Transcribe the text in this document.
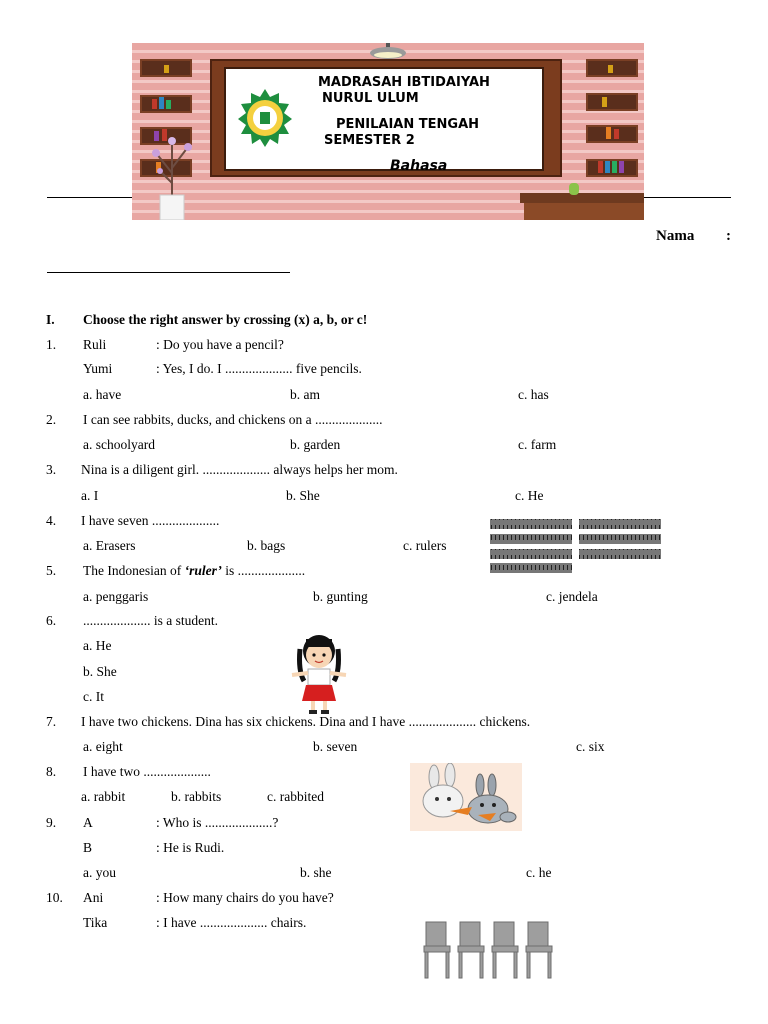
MADRASAH IBTIDAIYAH
NURUL ULUM
PENILAIAN TENGAH
SEMESTER 2
Bahasa
Nama :
I. Choose the right answer by crossing (x) a, b, or c!
1. Ruli	: Do you have a pencil?
Yumi	: Yes, I do. I .................... five pencils.
a. have	b. am	c. has
2. I can see rabbits, ducks, and chickens on a ....................
a. schoolyard	b. garden	c. farm
3. Nina is a diligent girl. .................... always helps her mom.
a. I	b. She	c. He
4. I have seven ....................
a. Erasers	b. bags	c. rulers
5. The Indonesian of ‘ruler’ is ....................
a. penggaris	b. gunting	c. jendela
6. .................... is a student.
a. He
b. She
c. It
7. I have two chickens. Dina has six chickens. Dina and I have .................... chickens.
a. eight	b. seven	c. six
8. I have two ....................
a. rabbit	b. rabbits	c. rabbited
9. A	: Who is ....................?
B	: He is Rudi.
a. you	b. she	c. he
10. Ani	: How many chairs do you have?
Tika	: I have .................... chairs.
